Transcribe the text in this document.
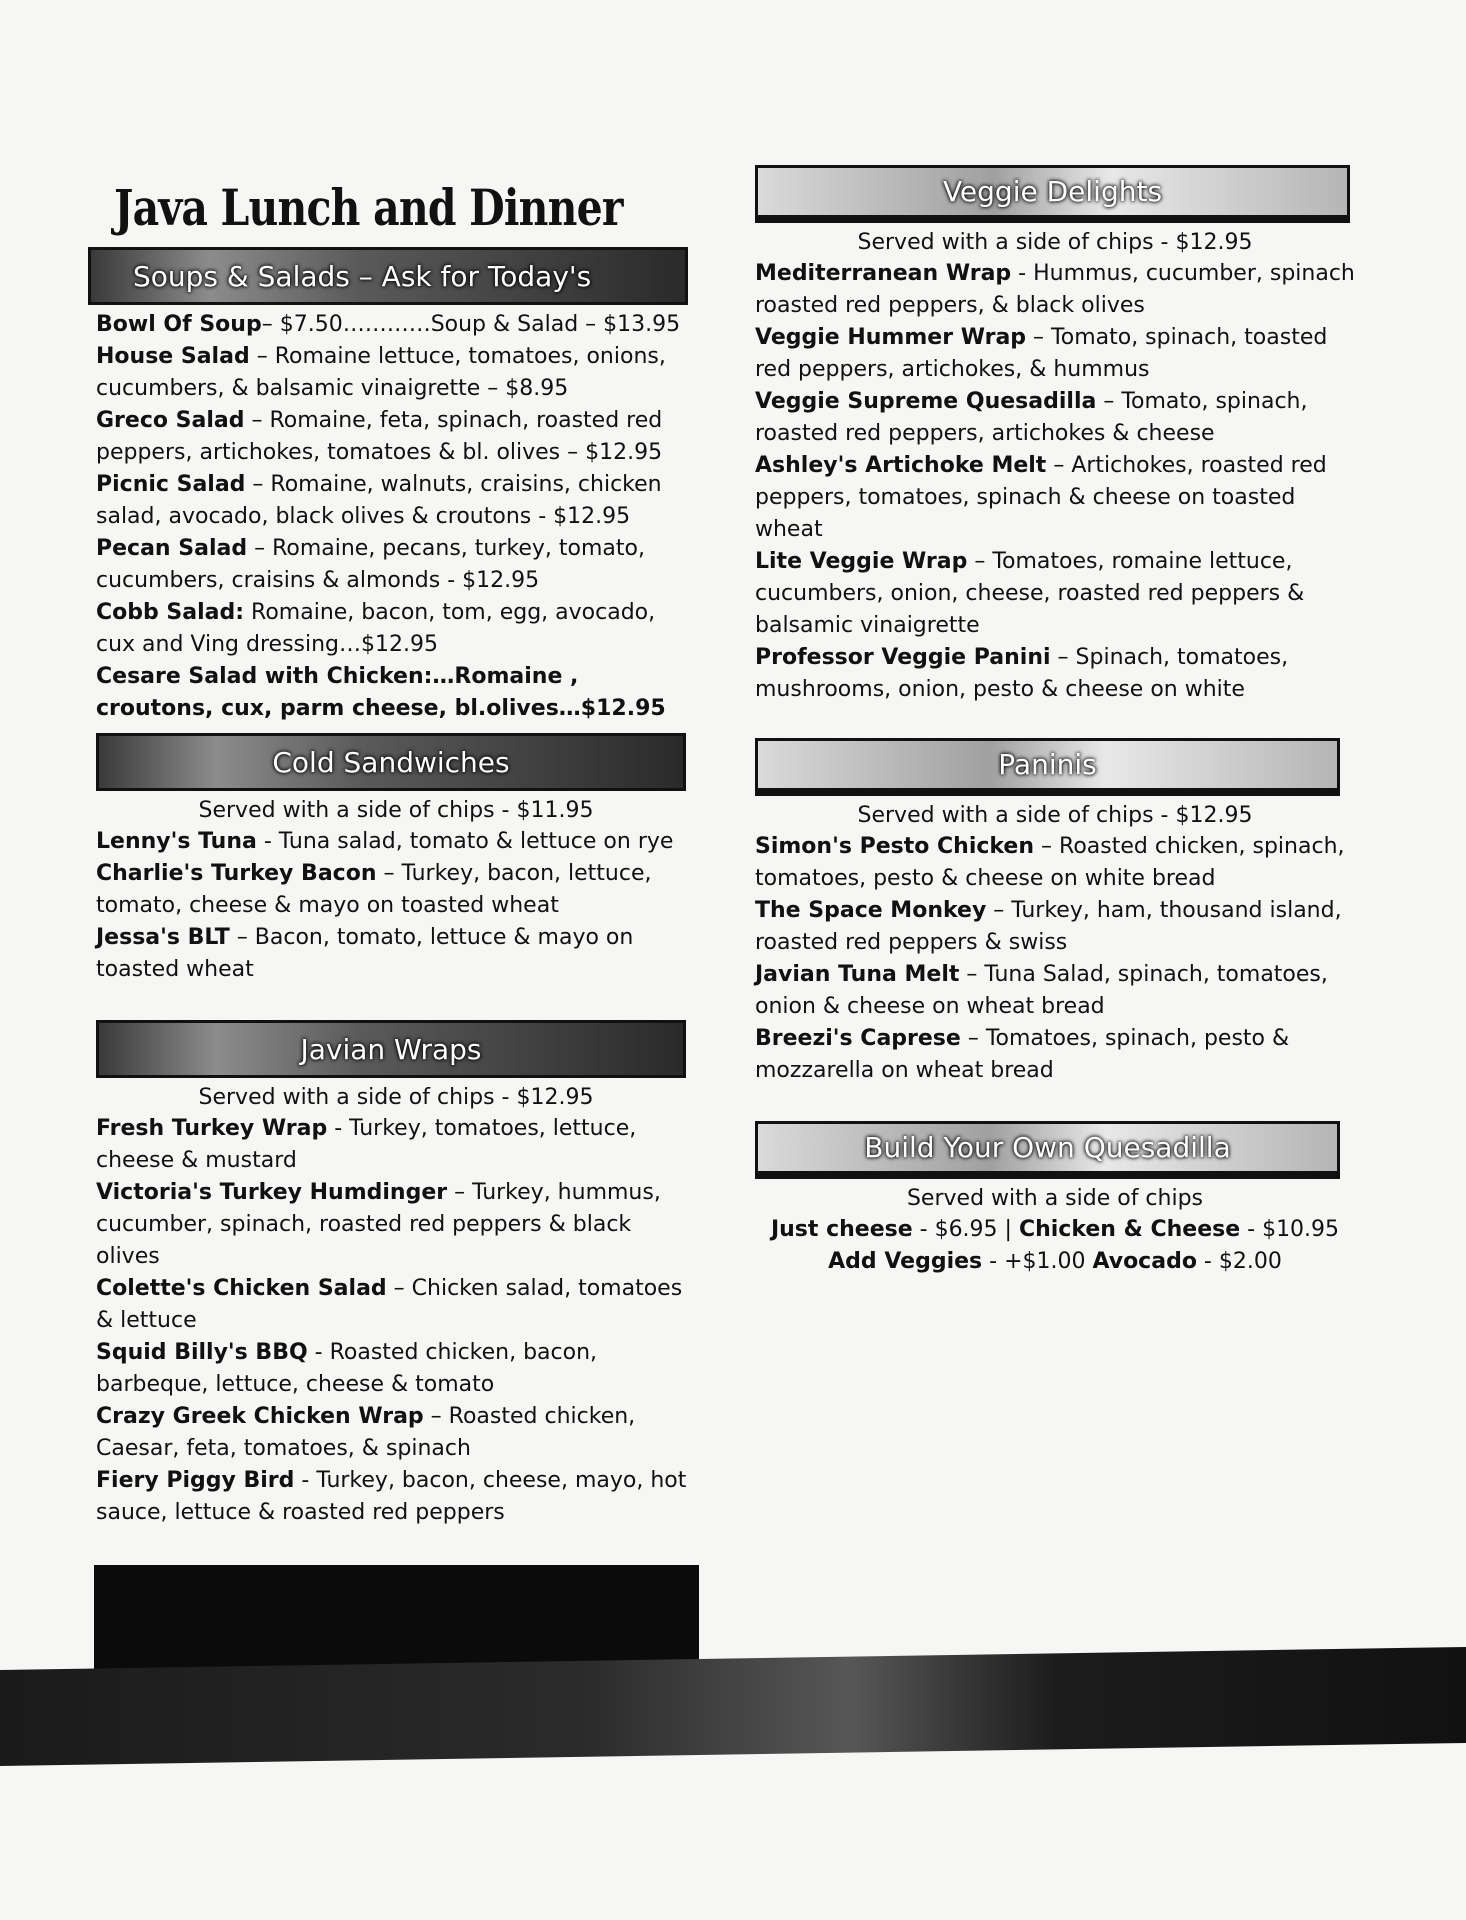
Java Lunch and Dinner
Soups & Salads – Ask for Today's
Bowl Of Soup– $7.50…………Soup & Salad – $13.95
House Salad – Romaine lettuce, tomatoes, onions, cucumbers, & balsamic vinaigrette – $8.95
Greco Salad – Romaine, feta, spinach, roasted red peppers, artichokes, tomatoes & bl. olives – $12.95
Picnic Salad – Romaine, walnuts, craisins, chicken salad, avocado, black olives & croutons - $12.95
Pecan Salad – Romaine, pecans, turkey, tomato, cucumbers, craisins & almonds - $12.95
Cobb Salad: Romaine, bacon, tom, egg, avocado, cux and Ving dressing…$12.95
Cesare Salad with Chicken:…Romaine , croutons, cux, parm cheese, bl.olives…$12.95
Cold Sandwiches
Served with a side of chips - $11.95
Lenny's Tuna - Tuna salad, tomato & lettuce on rye
Charlie's Turkey Bacon – Turkey, bacon, lettuce, tomato, cheese & mayo on toasted wheat
Jessa's BLT – Bacon, tomato, lettuce & mayo on toasted wheat
Javian Wraps
Served with a side of chips - $12.95
Fresh Turkey Wrap - Turkey, tomatoes, lettuce, cheese & mustard
Victoria's Turkey Humdinger – Turkey, hummus, cucumber, spinach, roasted red peppers & black olives
Colette's Chicken Salad – Chicken salad, tomatoes & lettuce
Squid Billy's BBQ - Roasted chicken, bacon, barbeque, lettuce, cheese & tomato
Crazy Greek Chicken Wrap – Roasted chicken, Caesar, feta, tomatoes, & spinach
Fiery Piggy Bird - Turkey, bacon, cheese, mayo, hot sauce, lettuce & roasted red peppers
Veggie Delights
Served with a side of chips - $12.95
Mediterranean Wrap - Hummus, cucumber, spinach roasted red peppers, & black olives
Veggie Hummer Wrap – Tomato, spinach, toasted red peppers, artichokes, & hummus
Veggie Supreme Quesadilla – Tomato, spinach, roasted red peppers, artichokes & cheese
Ashley's Artichoke Melt – Artichokes, roasted red peppers, tomatoes, spinach & cheese on toasted wheat
Lite Veggie Wrap – Tomatoes, romaine lettuce, cucumbers, onion, cheese, roasted red peppers & balsamic vinaigrette
Professor Veggie Panini – Spinach, tomatoes, mushrooms, onion, pesto & cheese on white
Paninis
Served with a side of chips - $12.95
Simon's Pesto Chicken – Roasted chicken, spinach, tomatoes, pesto & cheese on white bread
The Space Monkey – Turkey, ham, thousand island, roasted red peppers & swiss
Javian Tuna Melt – Tuna Salad, spinach, tomatoes, onion & cheese on wheat bread
Breezi's Caprese – Tomatoes, spinach, pesto & mozzarella on wheat bread
Build Your Own Quesadilla
Served with a side of chips
Just cheese - $6.95 | Chicken & Cheese - $10.95
Add Veggies - +$1.00 Avocado - $2.00
